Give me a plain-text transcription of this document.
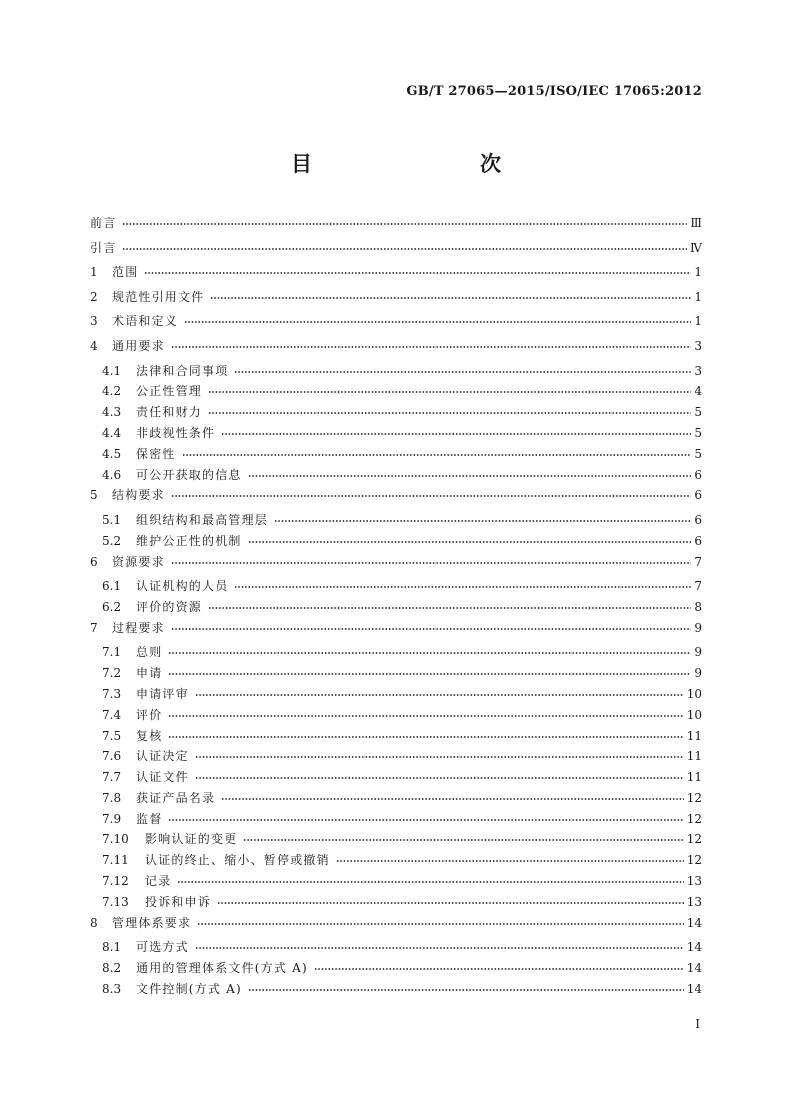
GB/T 27065—2015/ISO/IEC 17065:2012
目　　次
前言	Ⅲ
引言	Ⅳ
1	范围	1
2	规范性引用文件	1
3	术语和定义	1
4	通用要求	3
4.1	法律和合同事项	3
4.2	公正性管理	4
4.3	责任和财力	5
4.4	非歧视性条件	5
4.5	保密性	5
4.6	可公开获取的信息	6
5	结构要求	6
5.1	组织结构和最高管理层	6
5.2	维护公正性的机制	6
6	资源要求	7
6.1	认证机构的人员	7
6.2	评价的资源	8
7	过程要求	9
7.1	总则	9
7.2	申请	9
7.3	申请评审	10
7.4	评价	10
7.5	复核	11
7.6	认证决定	11
7.7	认证文件	11
7.8	获证产品名录	12
7.9	监督	12
7.10	影响认证的变更	12
7.11	认证的终止、缩小、暂停或撤销	12
7.12	记录	13
7.13	投诉和申诉	13
8	管理体系要求	14
8.1	可选方式	14
8.2	通用的管理体系文件(方式 A)	14
8.3	文件控制(方式 A)	14
I
